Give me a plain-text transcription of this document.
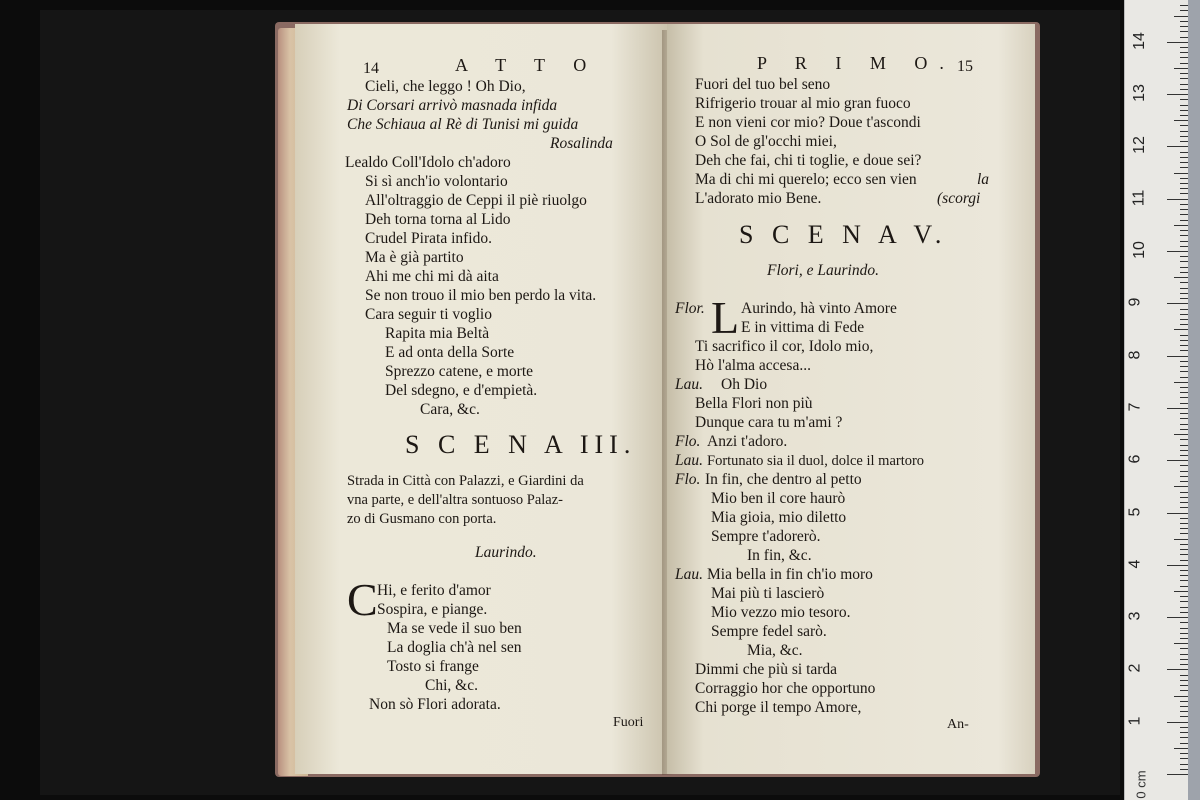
14	A T T O
Cieli, che leggo ! Oh Dio,
Di Corsari arrivò masnada infida
Che Schiaua al Rè di Tunisi mi guida
Rosalinda
Lealdo Coll'Idolo ch'adoro
Si sì anch'io volontario
All'oltraggio de Ceppi il piè riuolgo
Deh torna torna al Lido
Crudel Pirata infido.
Ma è già partito
Ahi me chi mi dà aita
Se non trouo il mio ben perdo la vita.
Cara seguir ti voglio
Rapita mia Beltà
E ad onta della Sorte
Sprezzo catene, e morte
Del sdegno, e d'empietà.
Cara, &c.
S C E N A III.
Strada in Città con Palazzi, e Giardini da
vna parte, e dell'altra sontuoso Palaz-
zo di Gusmano con porta.
Laurindo.
C Hi, e ferito d'amor
Sospira, e piange.
Ma se vede il suo ben
La doglia ch'à nel sen
Tosto si frange
Chi, &c.
Non sò Flori adorata.
Fuori
P R I M O. 15
Fuori del tuo bel seno
Rifrigerio trouar al mio gran fuoco
E non vieni cor mio? Doue t'ascondi
O Sol de gl'occhi miei,
Deh che fai, chi ti toglie, e doue sei?
Ma di chi mi querelo; ecco sen vien	la
L'adorato mio Bene.	(scorgi
S C E N A V.
Flori, e Laurindo.
Flor. L Aurindo, hà vinto Amore
E in vittima di Fede
Ti sacrifico il cor, Idolo mio,
Hò l'alma accesa...
Lau. Oh Dio
Bella Flori non più
Dunque cara tu m'ami ?
Flo. Anzi t'adoro.
Lau. Fortunato sia il duol, dolce il martoro
Flo. In fin, che dentro al petto
Mio ben il core haurò
Mia gioia, mio diletto
Sempre t'adorerò.
In fin, &c.
Lau. Mia bella in fin ch'io moro
Mai più ti lascierò
Mio vezzo mio tesoro.
Sempre fedel sarò.
Mia, &c.
Dimmi che più si tarda
Corraggio hor che opportuno
Chi porge il tempo Amore,
An-
0 cm
14
13
12
11
10
9
8
7
6
5
4
3
2
1
